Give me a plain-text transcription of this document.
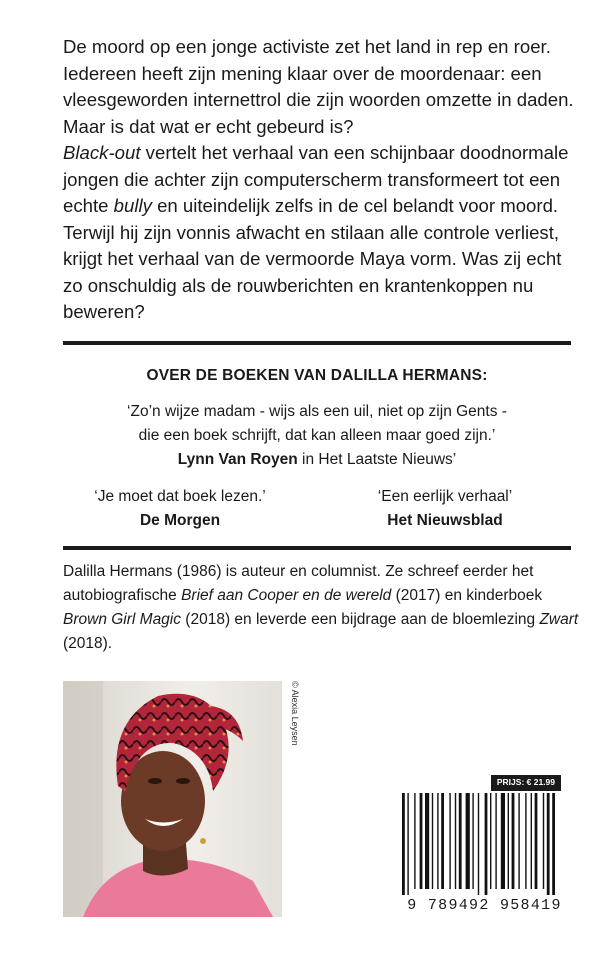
De moord op een jonge activiste zet het land in rep en roer. Iedereen heeft zijn mening klaar over de moordenaar: een vleesgeworden internettrol die zijn woorden omzette in daden. Maar is dat wat er echt gebeurd is?

Black-out vertelt het verhaal van een schijnbaar doodnormale jongen die achter zijn computerscherm transformeert tot een echte bully en uiteindelijk zelfs in de cel belandt voor moord. Terwijl hij zijn vonnis afwacht en stilaan alle controle verliest, krijgt het verhaal van de vermoorde Maya vorm. Was zij echt zo onschuldig als de rouwberichten en krantenkoppen nu beweren?

OVER DE BOEKEN VAN DALILLA HERMANS:
‘Zo’n wijze madam - wijs als een uil, niet op zijn Gents -
die een boek schrijft, dat kan alleen maar goed zijn.’
Lynn Van Royen in Het Laatste Nieuws’
‘Je moet dat boek lezen.’
De Morgen
‘Een eerlijk verhaal’
Het Nieuwsblad
Dalilla Hermans (1986) is auteur en columnist. Ze schreef eerder het autobiografische Brief aan Cooper en de wereld (2017) en kinderboek Brown Girl Magic (2018) en leverde een bijdrage aan de bloemlezing Zwart (2018).
© Alexia Leysen
PRIJS: € 21.99
9 789492 958419
